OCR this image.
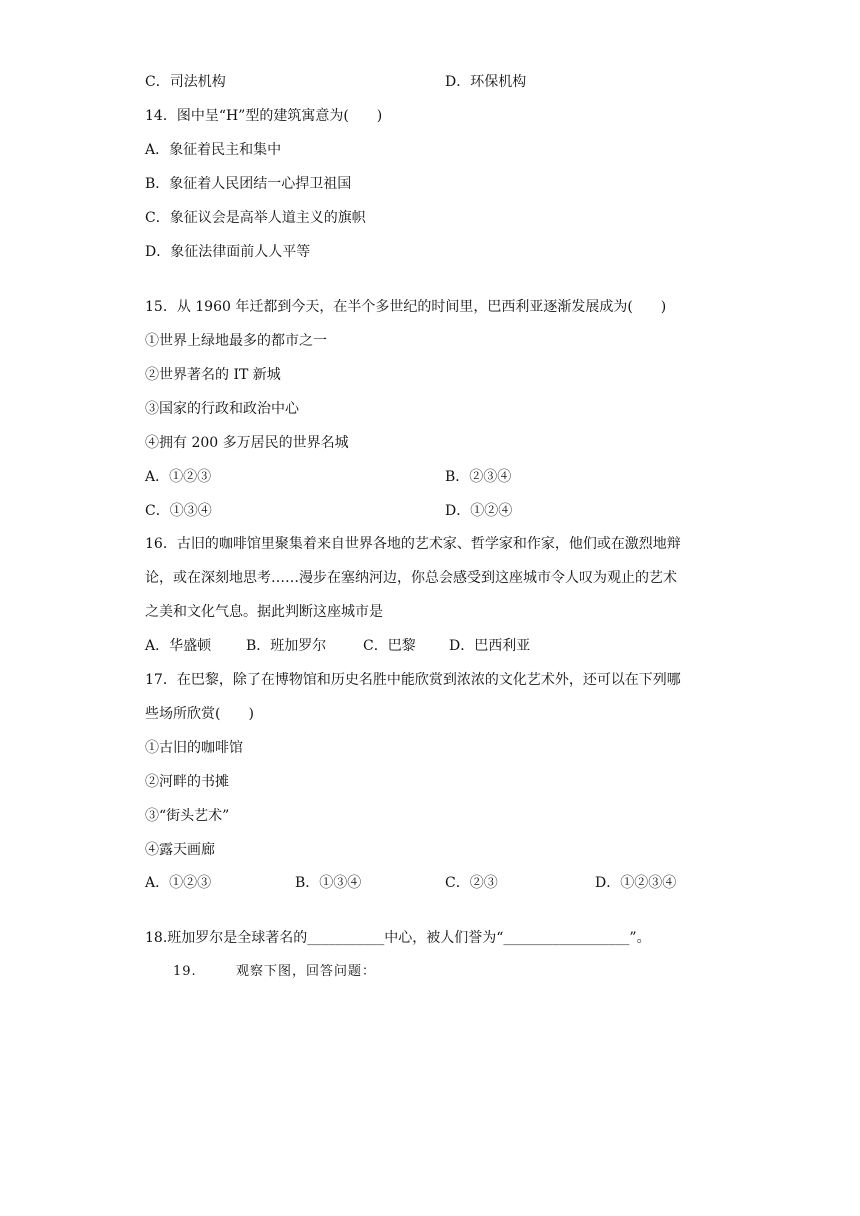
C．司法机构	D．环保机构
14．图中呈“H”型的建筑寓意为(　　)
A．象征着民主和集中
B．象征着人民团结一心捍卫祖国
C．象征议会是高举人道主义的旗帜
D．象征法律面前人人平等
15．从 1960 年迁都到今天，在半个多世纪的时间里，巴西利亚逐渐发展成为(　　)
①世界上绿地最多的都市之一
②世界著名的 IT 新城
③国家的行政和政治中心
④拥有 200 多万居民的世界名城
A．①②③	B．②③④
C．①③④	D．①②④
16．古旧的咖啡馆里聚集着来自世界各地的艺术家、哲学家和作家，他们或在激烈地辩
论，或在深刻地思考……漫步在塞纳河边，你总会感受到这座城市令人叹为观止的艺术
之美和文化气息。据此判断这座城市是
A．华盛顿 B．班加罗尔	C．巴黎 D．巴西利亚
17．在巴黎，除了在博物馆和历史名胜中能欣赏到浓浓的文化艺术外，还可以在下列哪
些场所欣赏(　　)
①古旧的咖啡馆
②河畔的书摊
③“街头艺术”
④露天画廊
A．①②③	B．①③④	C．②③	D．①②③④
18.班加罗尔是全球著名的___________中心，被人们誉为“__________________”。
19.	观察下图，回答问题：
